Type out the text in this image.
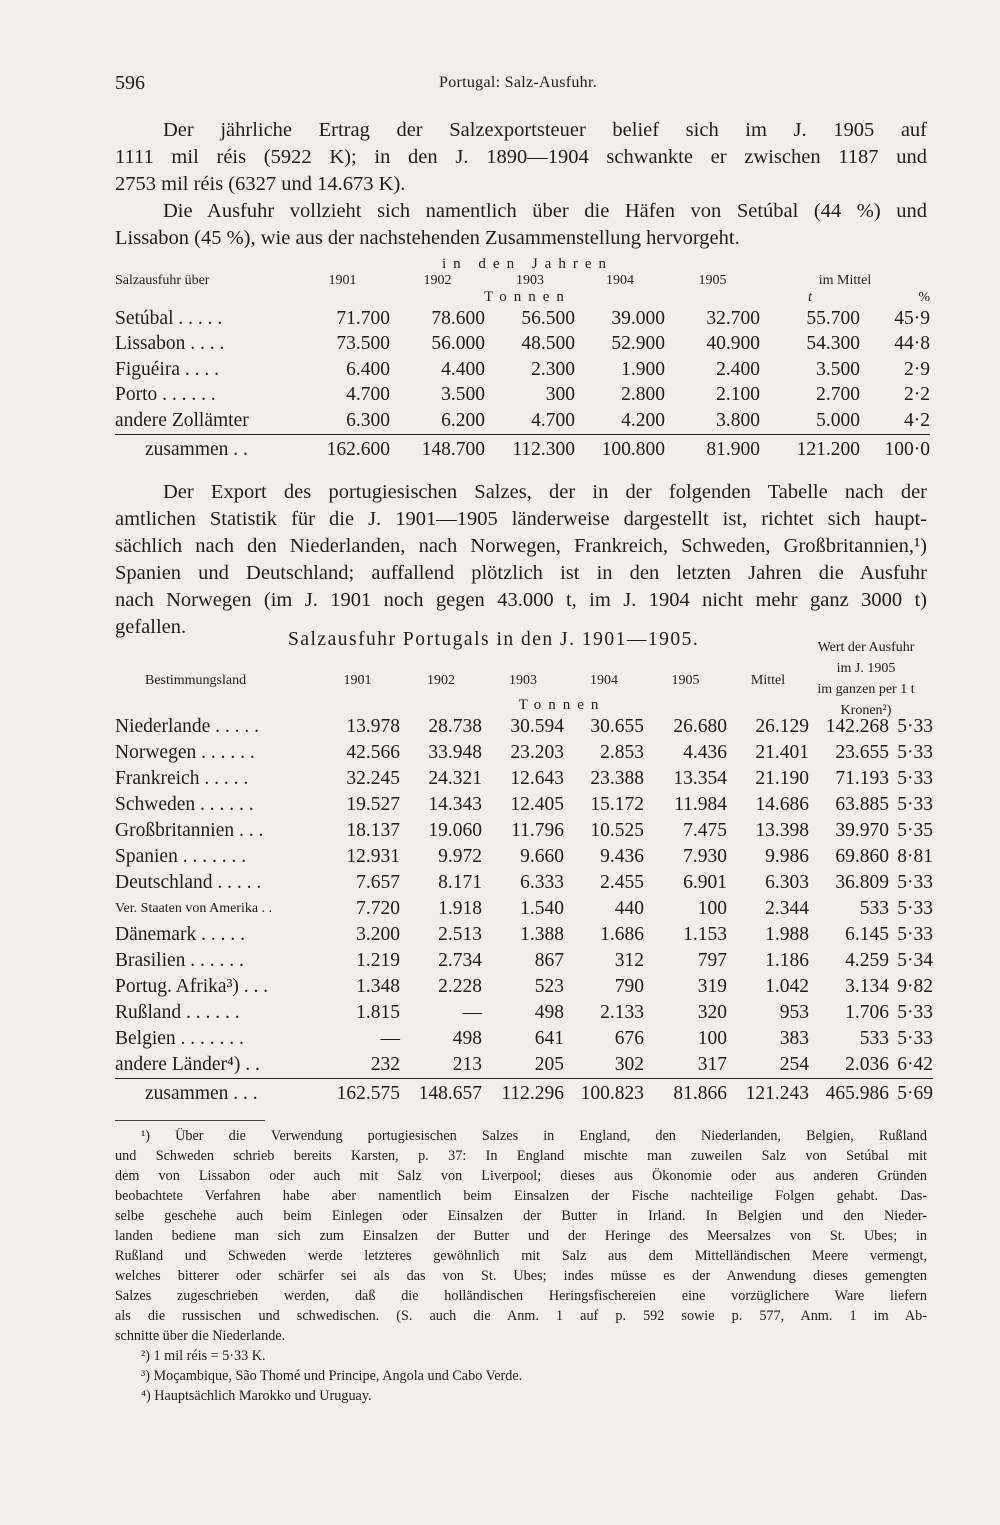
596	Portugal: Salz-Ausfuhr.
Der jährliche Ertrag der Salzexportsteuer belief sich im J. 1905 auf
1111 mil réis (5922 K); in den J. 1890—1904 schwankte er zwischen 1187 und
2753 mil réis (6327 und 14.673 K).
Die Ausfuhr vollzieht sich namentlich über die Häfen von Setúbal (44 %) und
Lissabon (45 %), wie aus der nachstehenden Zusammenstellung hervorgeht.
	in den Jahren						
Salzausfuhr über	1901	1902	1903	1904	1905	im Mittel	
	Tonnen					t	%
Setúbal . . . . .	71.700	78.600	56.500	39.000	32.700	55.700	45·9
Lissabon . . . .	73.500	56.000	48.500	52.900	40.900	54.300	44·8
Figuéira . . . .	6.400	4.400	2.300	1.900	2.400	3.500	2·9
Porto . . . . . .	4.700	3.500	300	2.800	2.100	2.700	2·2
andere Zollämter	6.300	6.200	4.700	4.200	3.800	5.000	4·2
zusammen . .	162.600	148.700	112.300	100.800	81.900	121.200	100·0
Der Export des portugiesischen Salzes, der in der folgenden Tabelle nach der
amtlichen Statistik für die J. 1901—1905 länderweise dargestellt ist, richtet sich haupt-
sächlich nach den Niederlanden, nach Norwegen, Frankreich, Schweden, Großbritannien,¹)
Spanien und Deutschland; auffallend plötzlich ist in den letzten Jahren die Ausfuhr
nach Norwegen (im J. 1901 noch gegen 43.000 t, im J. 1904 nicht mehr ganz 3000 t)
gefallen.
Salzausfuhr Portugals in den J. 1901—1905.	Wert der Ausfuhr
im J. 1905
im ganzen per 1 t
Kronen²)

Bestimmungsland	1901	1902	1903	1904	1905	Mittel		
	Tonnen							
Niederlande . . . . .	13.978	28.738	30.594	30.655	26.680	26.129	142.268	5·33
Norwegen . . . . . .	42.566	33.948	23.203	2.853	4.436	21.401	23.655	5·33
Frankreich . . . . .	32.245	24.321	12.643	23.388	13.354	21.190	71.193	5·33
Schweden . . . . . .	19.527	14.343	12.405	15.172	11.984	14.686	63.885	5·33
Großbritannien . . .	18.137	19.060	11.796	10.525	7.475	13.398	39.970	5·35
Spanien . . . . . . .	12.931	9.972	9.660	9.436	7.930	9.986	69.860	8·81
Deutschland . . . . .	7.657	8.171	6.333	2.455	6.901	6.303	36.809	5·33
Ver. Staaten von Amerika . .	7.720	1.918	1.540	440	100	2.344	533	5·33
Dänemark . . . . .	3.200	2.513	1.388	1.686	1.153	1.988	6.145	5·33
Brasilien . . . . . .	1.219	2.734	867	312	797	1.186	4.259	5·34
Portug. Afrika³) . . .	1.348	2.228	523	790	319	1.042	3.134	9·82
Rußland . . . . . .	1.815	—	498	2.133	320	953	1.706	5·33
Belgien . . . . . . .	—	498	641	676	100	383	533	5·33
andere Länder⁴) . .	232	213	205	302	317	254	2.036	6·42
zusammen . . .	162.575	148.657	112.296	100.823	81.866	121.243	465.986	5·69
¹) Über die Verwendung portugiesischen Salzes in England, den Niederlanden, Belgien, Rußland
und Schweden schrieb bereits Karsten, p. 37: In England mischte man zuweilen Salz von Setúbal mit
dem von Lissabon oder auch mit Salz von Liverpool; dieses aus Ökonomie oder aus anderen Gründen
beobachtete Verfahren habe aber namentlich beim Einsalzen der Fische nachteilige Folgen gehabt. Das-
selbe geschehe auch beim Einlegen oder Einsalzen der Butter in Irland. In Belgien und den Nieder-
landen bediene man sich zum Einsalzen der Butter und der Heringe des Meersalzes von St. Ubes; in
Rußland und Schweden werde letzteres gewöhnlich mit Salz aus dem Mittelländischen Meere vermengt,
welches bitterer oder schärfer sei als das von St. Ubes; indes müsse es der Anwendung dieses gemengten
Salzes zugeschrieben werden, daß die holländischen Heringsfischereien eine vorzüglichere Ware liefern
als die russischen und schwedischen. (S. auch die Anm. 1 auf p. 592 sowie p. 577, Anm. 1 im Ab-
schnitte über die Niederlande.
²) 1 mil réis = 5·33 K.
³) Moçambique, São Thomé und Principe, Angola und Cabo Verde.
⁴) Hauptsächlich Marokko und Uruguay.
